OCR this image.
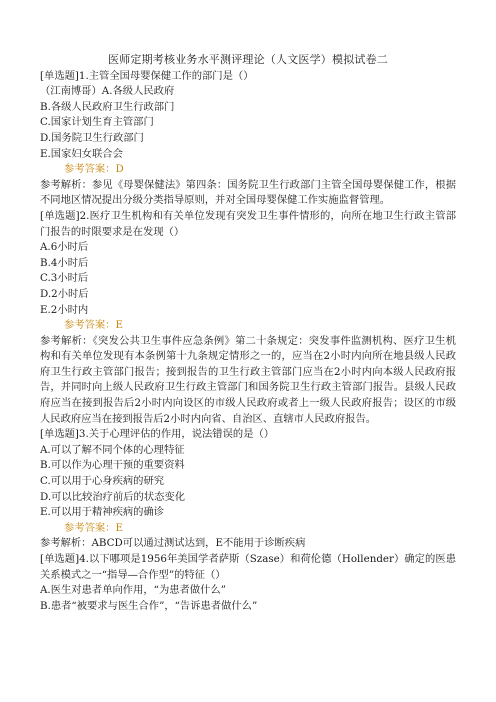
医师定期考核业务水平测评理论（人文医学）模拟试卷二

[单选题]1.主管全国母婴保健工作的部门是（）

（江南博哥）A.各级人民政府

B.各级人民政府卫生行政部门

C.国家计划生育主管部门

D.国务院卫生行政部门

E.国家妇女联合会

参考答案：D

参考解析：参见《母婴保健法》第四条：国务院卫生行政部门主管全国母婴保健工作，根据不同地区情况提出分级分类指导原则，并对全国母婴保健工作实施监督管理。

[单选题]2.医疗卫生机构和有关单位发现有突发卫生事件情形的，向所在地卫生行政主管部门报告的时限要求是在发现（）

A.6小时后

B.4小时后

C.3小时后

D.2小时后

E.2小时内

参考答案：E

参考解析：《突发公共卫生事件应急条例》第二十条规定：突发事件监测机构、医疗卫生机构和有关单位发现有本条例第十九条规定情形之一的，应当在2小时内向所在地县级人民政府卫生行政主管部门报告；接到报告的卫生行政主管部门应当在2小时内向本级人民政府报告，并同时向上级人民政府卫生行政主管部门和国务院卫生行政主管部门报告。县级人民政府应当在接到报告后2小时内向设区的市级人民政府或者上一级人民政府报告；设区的市级人民政府应当在接到报告后2小时内向省、自治区、直辖市人民政府报告。

[单选题]3.关于心理评估的作用，说法错误的是（）

A.可以了解不同个体的心理特征

B.可以作为心理干预的重要资料

C.可以用于心身疾病的研究

D.可以比较治疗前后的状态变化

E.可以用于精神疾病的确诊

参考答案：E

参考解析：ABCD可以通过测试达到，E不能用于诊断疾病

[单选题]4.以下哪项是1956年美国学者萨斯（Szase）和荷伦德（Hollender）确定的医患关系模式之一“指导—合作型”的特征（）

A.医生对患者单向作用，“为患者做什么”

B.患者“被要求与医生合作”，“告诉患者做什么”
